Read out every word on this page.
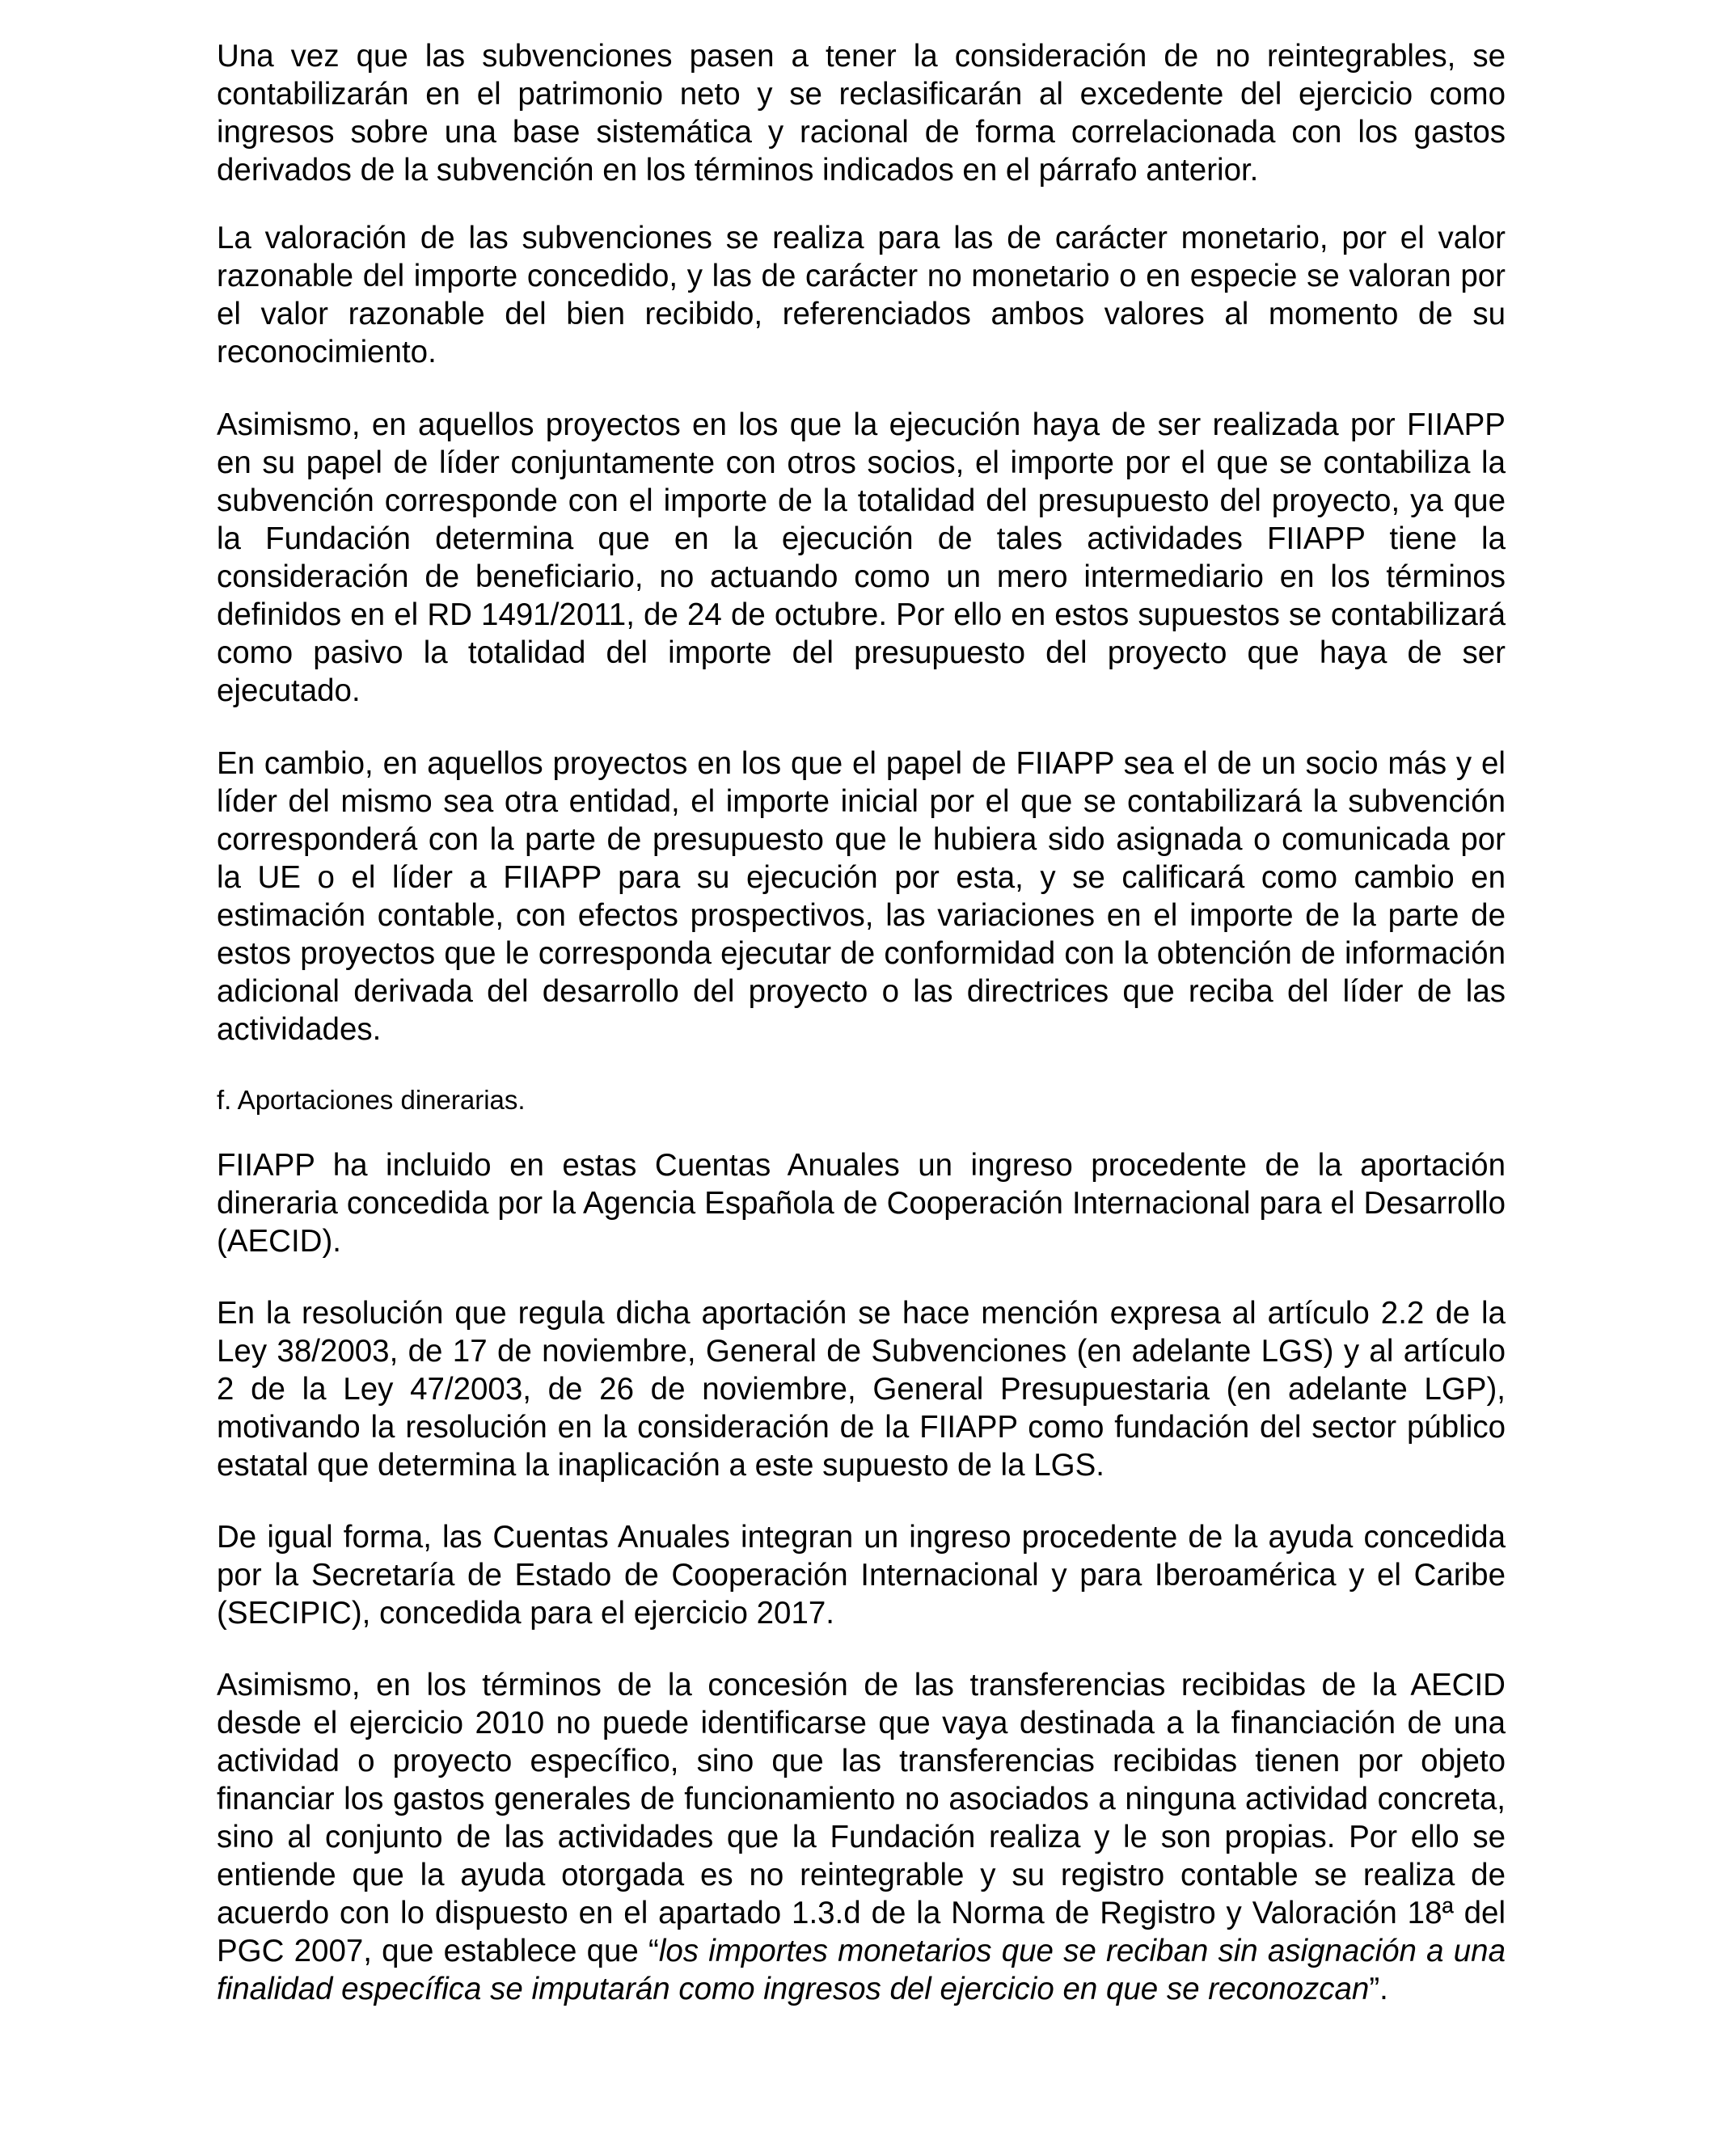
Una vez que las subvenciones pasen a tener la consideración de no reintegrables, se contabilizarán en el patrimonio neto y se reclasificarán al excedente del ejercicio como ingresos sobre una base sistemática y racional de forma correlacionada con los gastos derivados de la subvención en los términos indicados en el párrafo anterior.

La valoración de las subvenciones se realiza para las de carácter monetario, por el valor razonable del importe concedido, y las de carácter no monetario o en especie se valoran por el valor razonable del bien recibido, referenciados ambos valores al momento de su reconocimiento.

Asimismo, en aquellos proyectos en los que la ejecución haya de ser realizada por FIIAPP en su papel de líder conjuntamente con otros socios, el importe por el que se contabiliza la subvención corresponde con el importe de la totalidad del presupuesto del proyecto, ya que la Fundación determina que en la ejecución de tales actividades FIIAPP tiene la consideración de beneficiario, no actuando como un mero intermediario en los términos definidos en el RD 1491/2011, de 24 de octubre. Por ello en estos supuestos se contabilizará como pasivo la totalidad del importe del presupuesto del proyecto que haya de ser ejecutado.

En cambio, en aquellos proyectos en los que el papel de FIIAPP sea el de un socio más y el líder del mismo sea otra entidad, el importe inicial por el que se contabilizará la subvención corresponderá con la parte de presupuesto que le hubiera sido asignada o comunicada por la UE o el líder a FIIAPP para su ejecución por esta, y se calificará como cambio en estimación contable, con efectos prospectivos, las variaciones en el importe de la parte de estos proyectos que le corresponda ejecutar de conformidad con la obtención de información adicional derivada del desarrollo del proyecto o las directrices que reciba del líder de las actividades.

f. Aportaciones dinerarias.

FIIAPP ha incluido en estas Cuentas Anuales un ingreso procedente de la aportación dineraria concedida por la Agencia Española de Cooperación Internacional para el Desarrollo (AECID).

En la resolución que regula dicha aportación se hace mención expresa al artículo 2.2 de la Ley 38/2003, de 17 de noviembre, General de Subvenciones (en adelante LGS) y al artículo 2 de la Ley 47/2003, de 26 de noviembre, General Presupuestaria (en adelante LGP), motivando la resolución en la consideración de la FIIAPP como fundación del sector público estatal que determina la inaplicación a este supuesto de la LGS.

De igual forma, las Cuentas Anuales integran un ingreso procedente de la ayuda concedida por la Secretaría de Estado de Cooperación Internacional y para Iberoamérica y el Caribe (SECIPIC), concedida para el ejercicio 2017.

Asimismo, en los términos de la concesión de las transferencias recibidas de la AECID desde el ejercicio 2010 no puede identificarse que vaya destinada a la financiación de una actividad o proyecto específico, sino que las transferencias recibidas tienen por objeto financiar los gastos generales de funcionamiento no asociados a ninguna actividad concreta, sino al conjunto de las actividades que la Fundación realiza y le son propias. Por ello se entiende que la ayuda otorgada es no reintegrable y su registro contable se realiza de acuerdo con lo dispuesto en el apartado 1.3.d de la Norma de Registro y Valoración 18ª del PGC 2007, que establece que “los importes monetarios que se reciban sin asignación a una finalidad específica se imputarán como ingresos del ejercicio en que se reconozcan”.
